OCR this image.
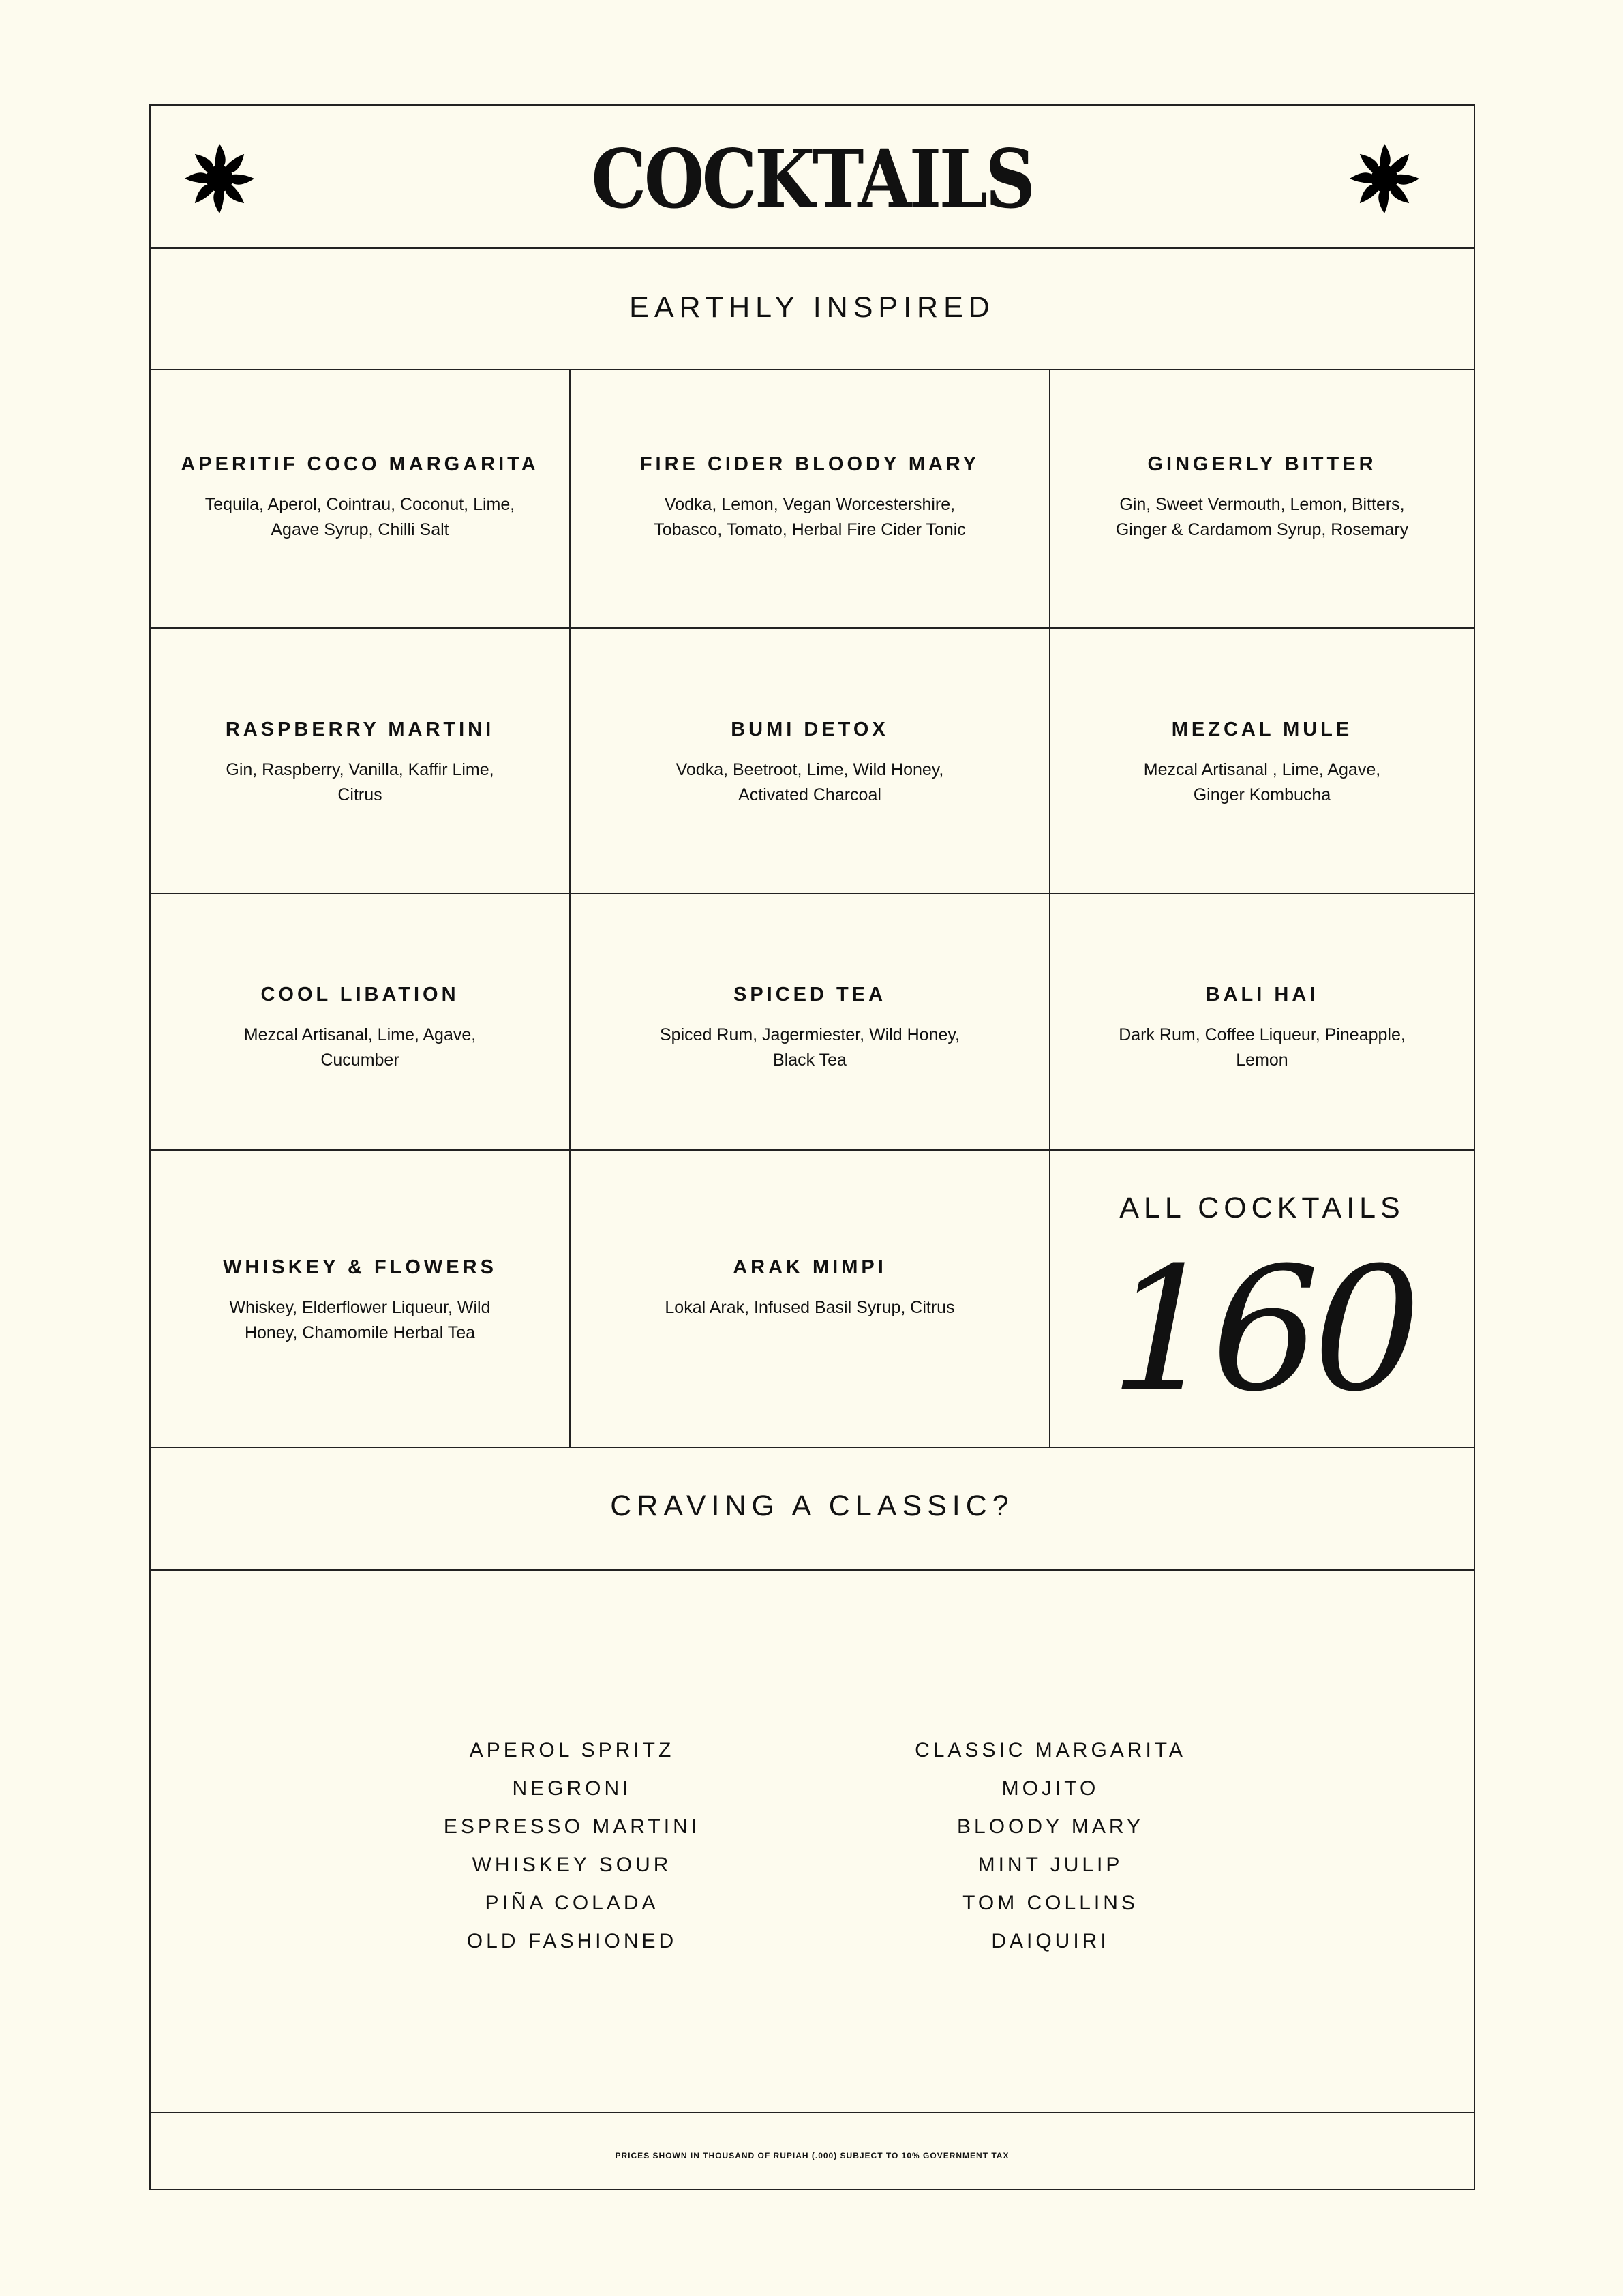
COCKTAILS
EARTHLY INSPIRED
APERITIF COCO MARGARITA
Tequila, Aperol, Cointrau, Coconut, Lime,
Agave Syrup, Chilli Salt
FIRE CIDER BLOODY MARY
Vodka, Lemon, Vegan Worcestershire,
Tobasco, Tomato, Herbal Fire Cider Tonic
GINGERLY BITTER
Gin, Sweet Vermouth, Lemon, Bitters,
Ginger & Cardamom Syrup, Rosemary
RASPBERRY MARTINI
Gin, Raspberry, Vanilla, Kaffir Lime,
Citrus
BUMI DETOX
Vodka, Beetroot, Lime, Wild Honey,
Activated Charcoal
MEZCAL MULE
Mezcal Artisanal , Lime, Agave,
Ginger Kombucha
COOL LIBATION
Mezcal Artisanal, Lime, Agave,
Cucumber
SPICED TEA
Spiced Rum, Jagermiester, Wild Honey,
Black Tea
BALI HAI
Dark Rum, Coffee Liqueur, Pineapple,
Lemon
WHISKEY & FLOWERS
Whiskey, Elderflower Liqueur, Wild
Honey, Chamomile Herbal Tea
ARAK MIMPI
Lokal Arak, Infused Basil Syrup, Citrus
ALL COCKTAILS
160
CRAVING A CLASSIC?
APEROL SPRITZ
NEGRONI
ESPRESSO MARTINI
WHISKEY SOUR
PIÑA COLADA
OLD FASHIONED
CLASSIC MARGARITA
MOJITO
BLOODY MARY
MINT JULIP
TOM COLLINS
DAIQUIRI
PRICES SHOWN IN THOUSAND OF RUPIAH (.000) SUBJECT TO 10% GOVERNMENT TAX
